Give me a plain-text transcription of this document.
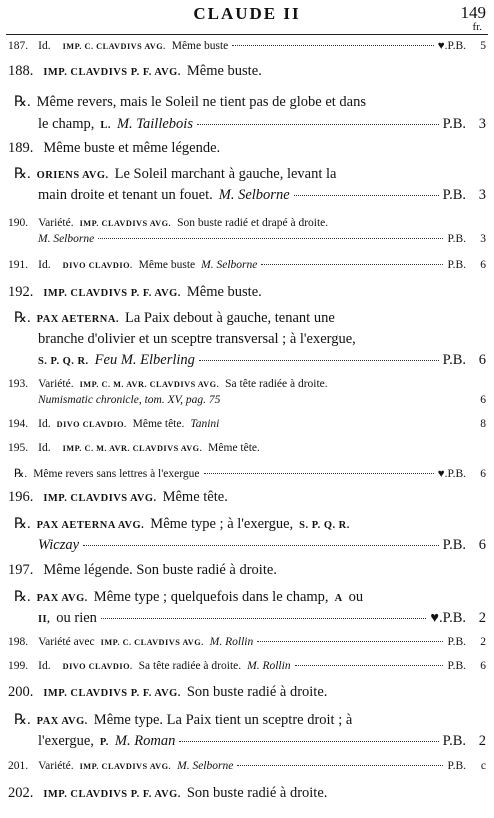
CLAUDE II	149
fr.
187. Id. IMP. C. CLAVDIVS AVG. Même buste	♥.P.B.	5
188. IMP. CLAVDIVS P. F. AVG. Même buste.
℞. Même revers, mais le Soleil ne tient pas de globe et dans
le champ, L. M. Taillebois	P.B. 3
189. Même buste et même légende.
℞. ORIENS AVG. Le Soleil marchant à gauche, levant la
main droite et tenant un fouet. M. Selborne	P.B. 3
190. Variété. IMP. CLAVDIVS AVG. Son buste radié et drapé à droite.
M. Selborne	P.B.	3
191. Id. DIVO CLAVDIO. Même buste M. Selborne	P.B.	6
192. IMP. CLAVDIVS P. F. AVG. Même buste.
℞. PAX AETERNA. La Paix debout à gauche, tenant une
branche d'olivier et un sceptre transversal ; à l'exergue,
S. P. Q. R. Feu M. Elberling	P.B. 6
193. Variété. IMP. C. M. AVR. CLAVDIVS AVG. Sa tête radiée à droite.
Numismatic chronicle, tom. XV, pag. 75	6
194. Id. DIVO CLAVDIO. Même tête. Tanini	8
195. Id. IMP. C. M. AVR. CLAVDIVS AVG. Même tête.
℞. Même revers sans lettres à l'exergue	♥.P.B.	6
196. IMP. CLAVDIVS AVG. Même tête.
℞. PAX AETERNA AVG. Même type ; à l'exergue, S. P. Q. R.
Wiczay	P.B. 6
197. Même légende. Son buste radié à droite.
℞. PAX AVG. Même type ; quelquefois dans le champ, A ou
II, ou rien	♥.P.B. 2
198. Variété avec IMP. C. CLAVDIVS AVG. M. Rollin	P.B.	2
199. Id. DIVO CLAVDIO. Sa tête radiée à droite. M. Rollin	P.B.	6
200. IMP. CLAVDIVS P. F. AVG. Son buste radié à droite.
℞. PAX AVG. Même type. La Paix tient un sceptre droit ; à
l'exergue, P. M. Roman	P.B. 2
201. Variété. IMP. CLAVDIVS AVG. M. Selborne	P.B.	c
202. IMP. CLAVDIVS P. F. AVG. Son buste radié à droite.
